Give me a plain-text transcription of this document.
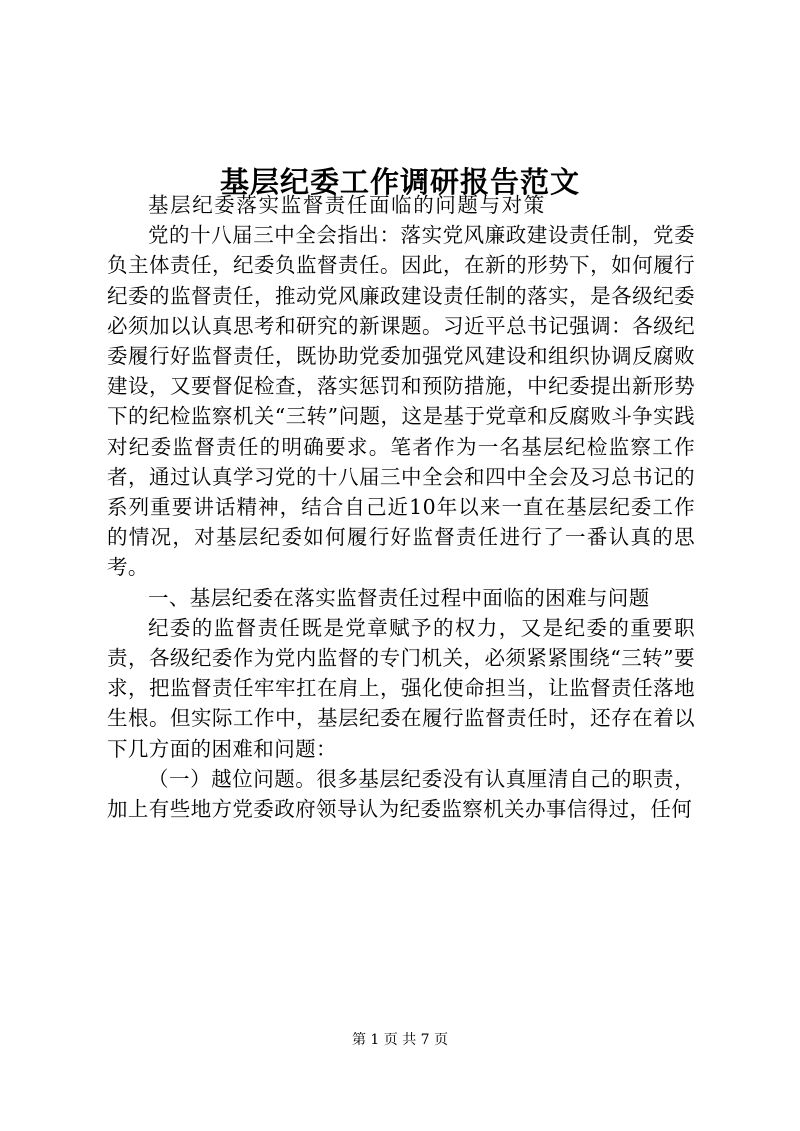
基层纪委工作调研报告范文

基层纪委落实监督责任面临的问题与对策

党的十八届三中全会指出：落实党风廉政建设责任制，党委负主体责任，纪委负监督责任。因此，在新的形势下，如何履行纪委的监督责任，推动党风廉政建设责任制的落实，是各级纪委必须加以认真思考和研究的新课题。习近平总书记强调：各级纪委履行好监督责任，既协助党委加强党风建设和组织协调反腐败建设，又要督促检查，落实惩罚和预防措施，中纪委提出新形势下的纪检监察机关“三转”问题，这是基于党章和反腐败斗争实践对纪委监督责任的明确要求。笔者作为一名基层纪检监察工作者，通过认真学习党的十八届三中全会和四中全会及习总书记的系列重要讲话精神，结合自己近10年以来一直在基层纪委工作的情况，对基层纪委如何履行好监督责任进行了一番认真的思考。

一、基层纪委在落实监督责任过程中面临的困难与问题

纪委的监督责任既是党章赋予的权力，又是纪委的重要职责，各级纪委作为党内监督的专门机关，必须紧紧围绕“三转”要求，把监督责任牢牢扛在肩上，强化使命担当，让监督责任落地生根。但实际工作中，基层纪委在履行监督责任时，还存在着以下几方面的困难和问题：

（一）越位问题。很多基层纪委没有认真厘清自己的职责，加上有些地方党委政府领导认为纪委监察机关办事信得过，任何

第 1 页 共 7 页
